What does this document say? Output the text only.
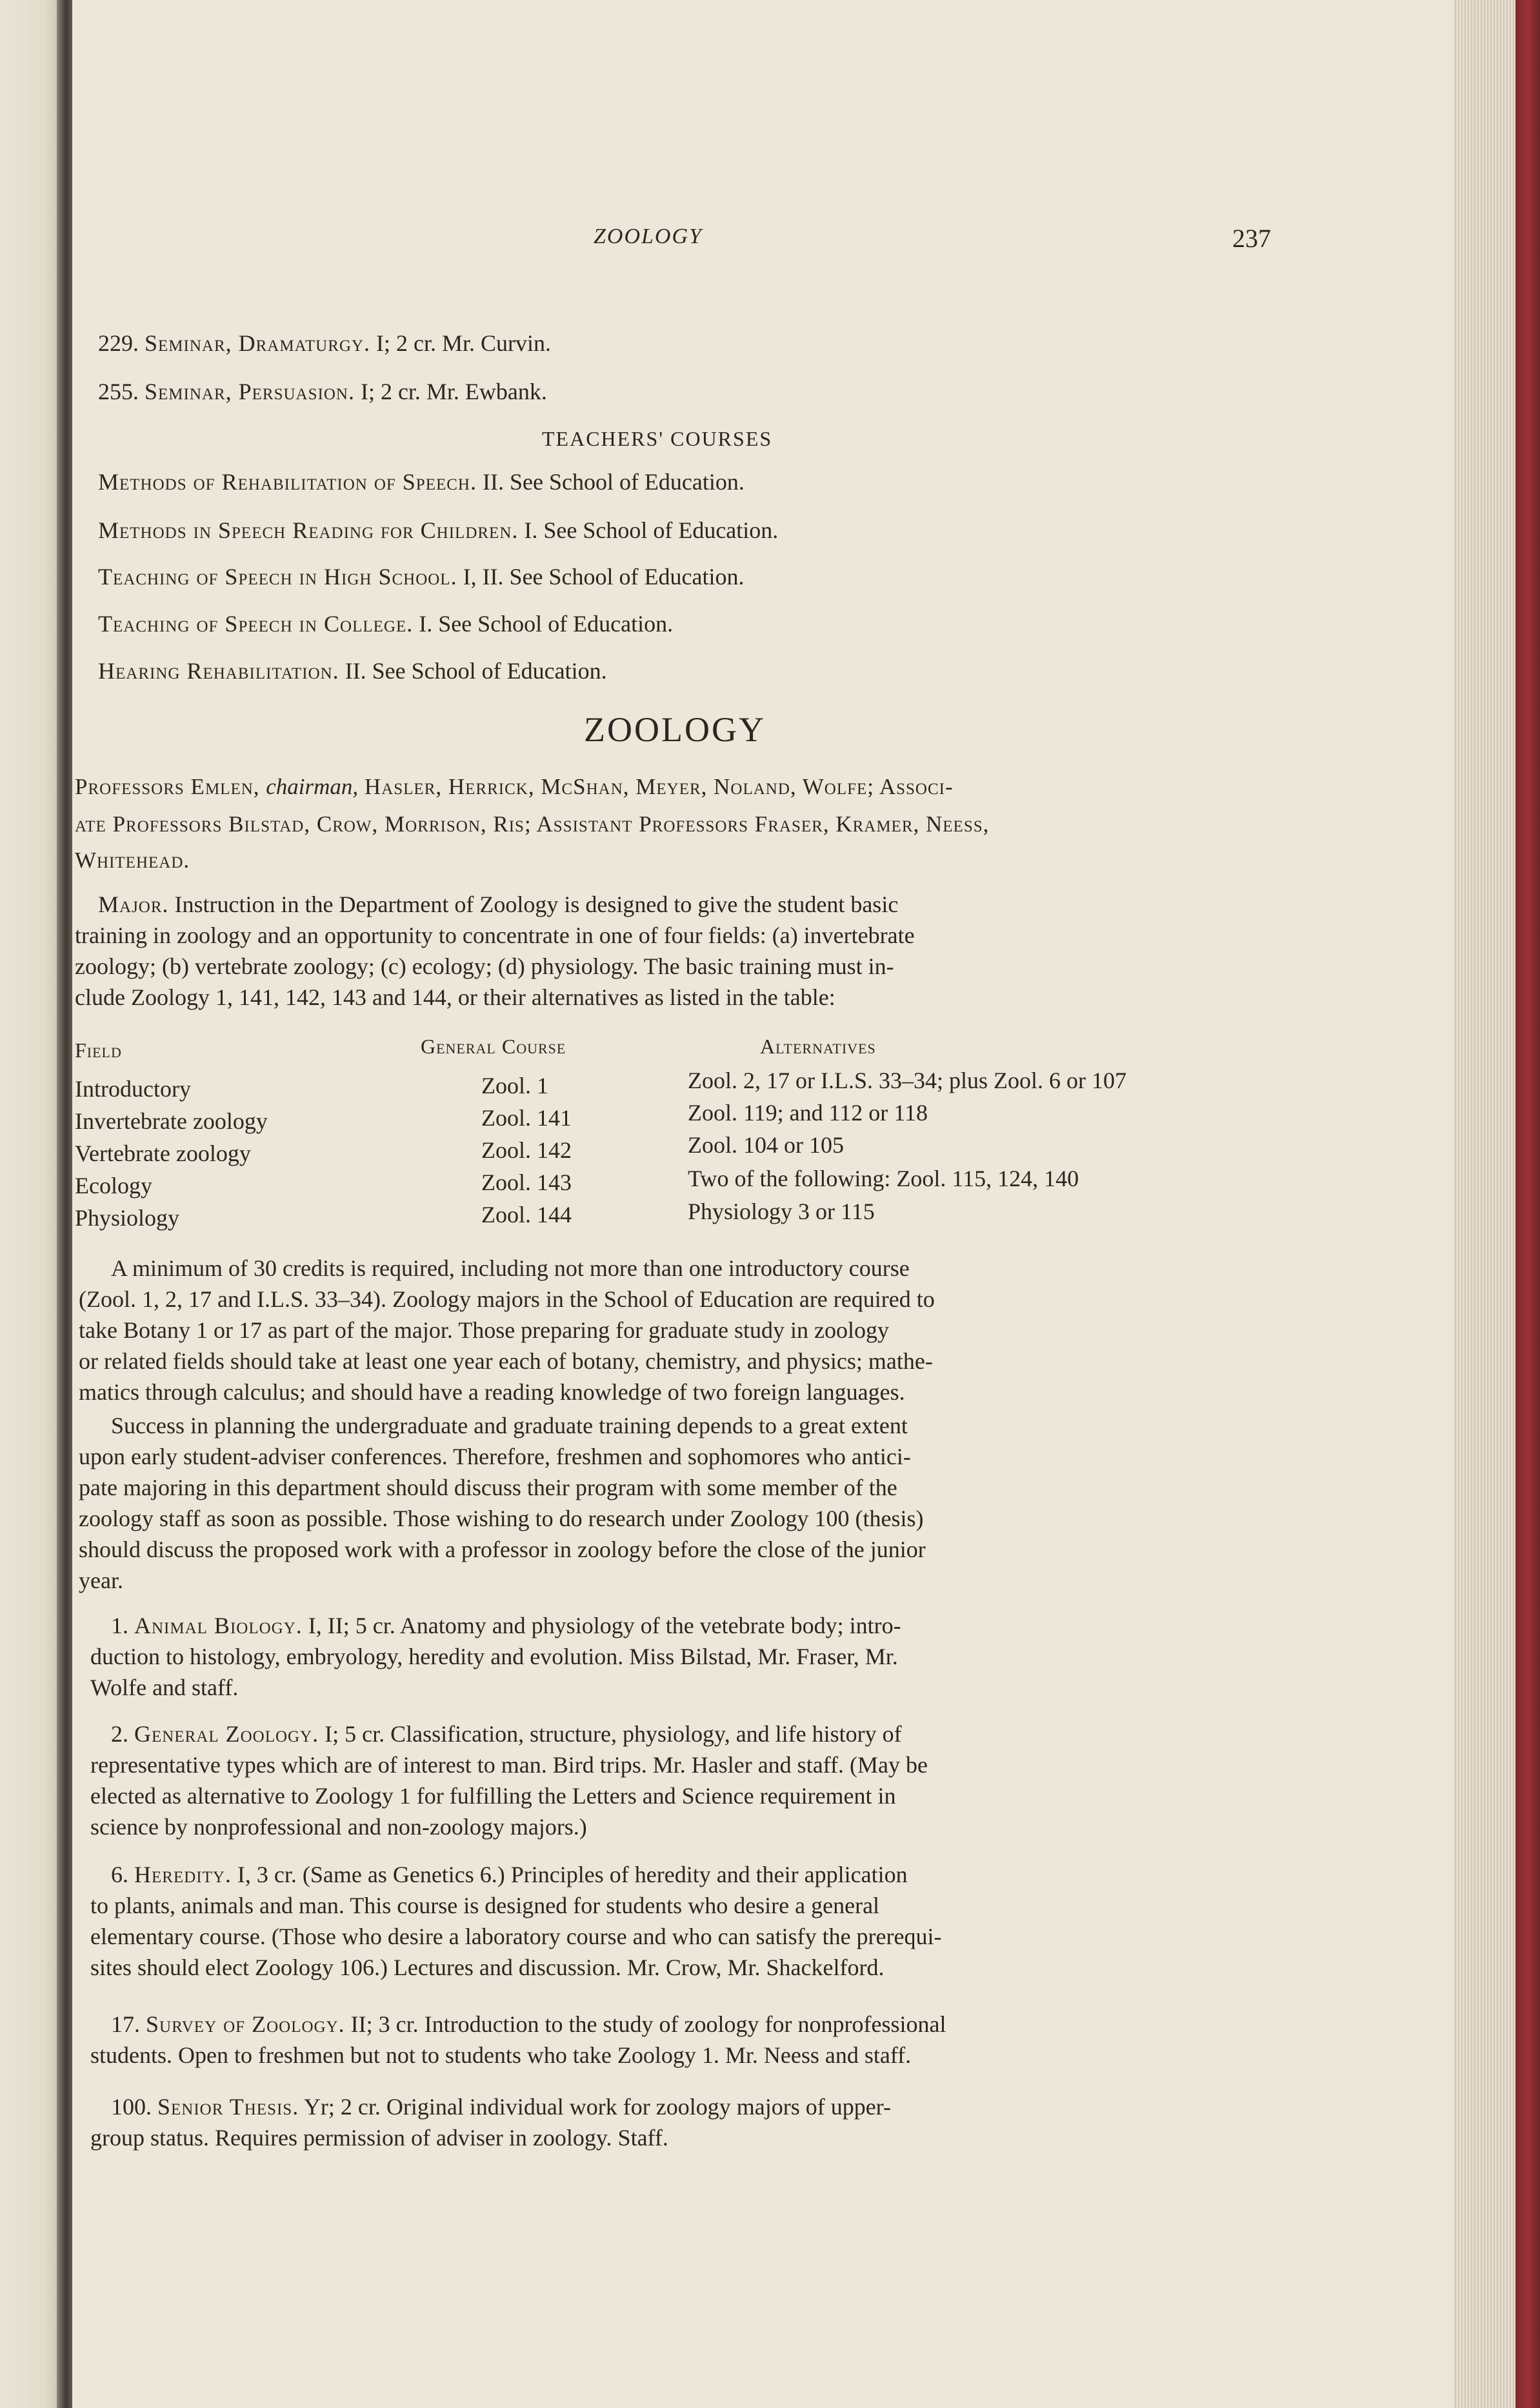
ZOOLOGY	237
229. Seminar, Dramaturgy. I; 2 cr. Mr. Curvin.
255. Seminar, Persuasion. I; 2 cr. Mr. Ewbank.
TEACHERS' COURSES
Methods of Rehabilitation of Speech. II. See School of Education.
Methods in Speech Reading for Children. I. See School of Education.
Teaching of Speech in High School. I, II. See School of Education.
Teaching of Speech in College. I. See School of Education.
Hearing Rehabilitation. II. See School of Education.
ZOOLOGY
Professors Emlen, chairman, Hasler, Herrick, McShan, Meyer, Noland, Wolfe; Associ-
ate Professors Bilstad, Crow, Morrison, Ris; Assistant Professors Fraser, Kramer, Neess,
Whitehead.
Major. Instruction in the Department of Zoology is designed to give the student basic
training in zoology and an opportunity to concentrate in one of four fields: (a) invertebrate
zoology; (b) vertebrate zoology; (c) ecology; (d) physiology. The basic training must in-
clude Zoology 1, 141, 142, 143 and 144, or their alternatives as listed in the table:
Field	General Course	Alternatives
Introductory	Zool. 1	Zool. 2, 17 or I.L.S. 33–34; plus Zool. 6 or 107
Invertebrate zoology	Zool. 141	Zool. 119; and 112 or 118
Vertebrate zoology	Zool. 142	Zool. 104 or 105
Ecology	Zool. 143	Two of the following: Zool. 115, 124, 140
Physiology	Zool. 144	Physiology 3 or 115
A minimum of 30 credits is required, including not more than one introductory course
(Zool. 1, 2, 17 and I.L.S. 33–34). Zoology majors in the School of Education are required to
take Botany 1 or 17 as part of the major. Those preparing for graduate study in zoology
or related fields should take at least one year each of botany, chemistry, and physics; mathe-
matics through calculus; and should have a reading knowledge of two foreign languages.
Success in planning the undergraduate and graduate training depends to a great extent
upon early student-adviser conferences. Therefore, freshmen and sophomores who antici-
pate majoring in this department should discuss their program with some member of the
zoology staff as soon as possible. Those wishing to do research under Zoology 100 (thesis)
should discuss the proposed work with a professor in zoology before the close of the junior
year.
1. Animal Biology. I, II; 5 cr. Anatomy and physiology of the vetebrate body; intro-
duction to histology, embryology, heredity and evolution. Miss Bilstad, Mr. Fraser, Mr.
Wolfe and staff.
2. General Zoology. I; 5 cr. Classification, structure, physiology, and life history of
representative types which are of interest to man. Bird trips. Mr. Hasler and staff. (May be
elected as alternative to Zoology 1 for fulfilling the Letters and Science requirement in
science by nonprofessional and non-zoology majors.)
6. Heredity. I, 3 cr. (Same as Genetics 6.) Principles of heredity and their application
to plants, animals and man. This course is designed for students who desire a general
elementary course. (Those who desire a laboratory course and who can satisfy the prerequi-
sites should elect Zoology 106.) Lectures and discussion. Mr. Crow, Mr. Shackelford.
17. Survey of Zoology. II; 3 cr. Introduction to the study of zoology for nonprofessional
students. Open to freshmen but not to students who take Zoology 1. Mr. Neess and staff.
100. Senior Thesis. Yr; 2 cr. Original individual work for zoology majors of upper-
group status. Requires permission of adviser in zoology. Staff.
